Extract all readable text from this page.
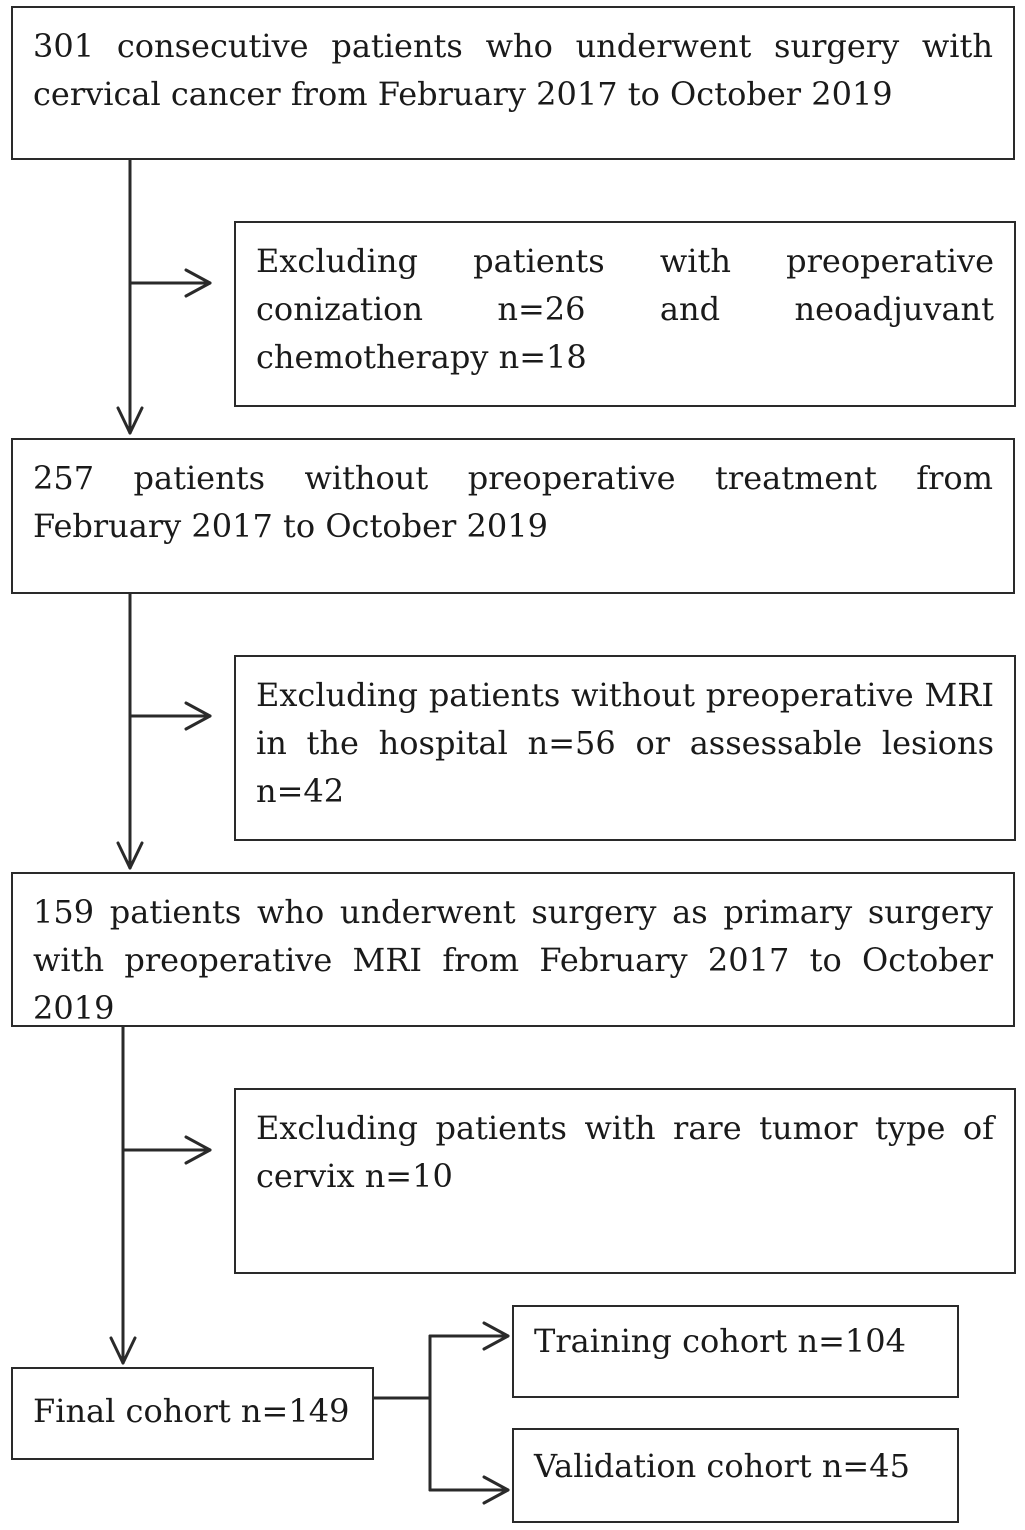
301 consecutive patients who underwent surgery with cervical cancer from February 2017 to October 2019
Excluding patients with preoperative conization n=26 and neoadjuvant chemotherapy n=18
257 patients without preoperative treatment from February 2017 to October 2019
Excluding patients without preoperative MRI in the hospital n=56 or assessable lesions n=42
159 patients who underwent surgery as primary surgery with preoperative MRI from February 2017 to October 2019
Excluding patients with rare tumor type of cervix n=10
Final cohort n=149
Training cohort n=104
Validation cohort n=45
